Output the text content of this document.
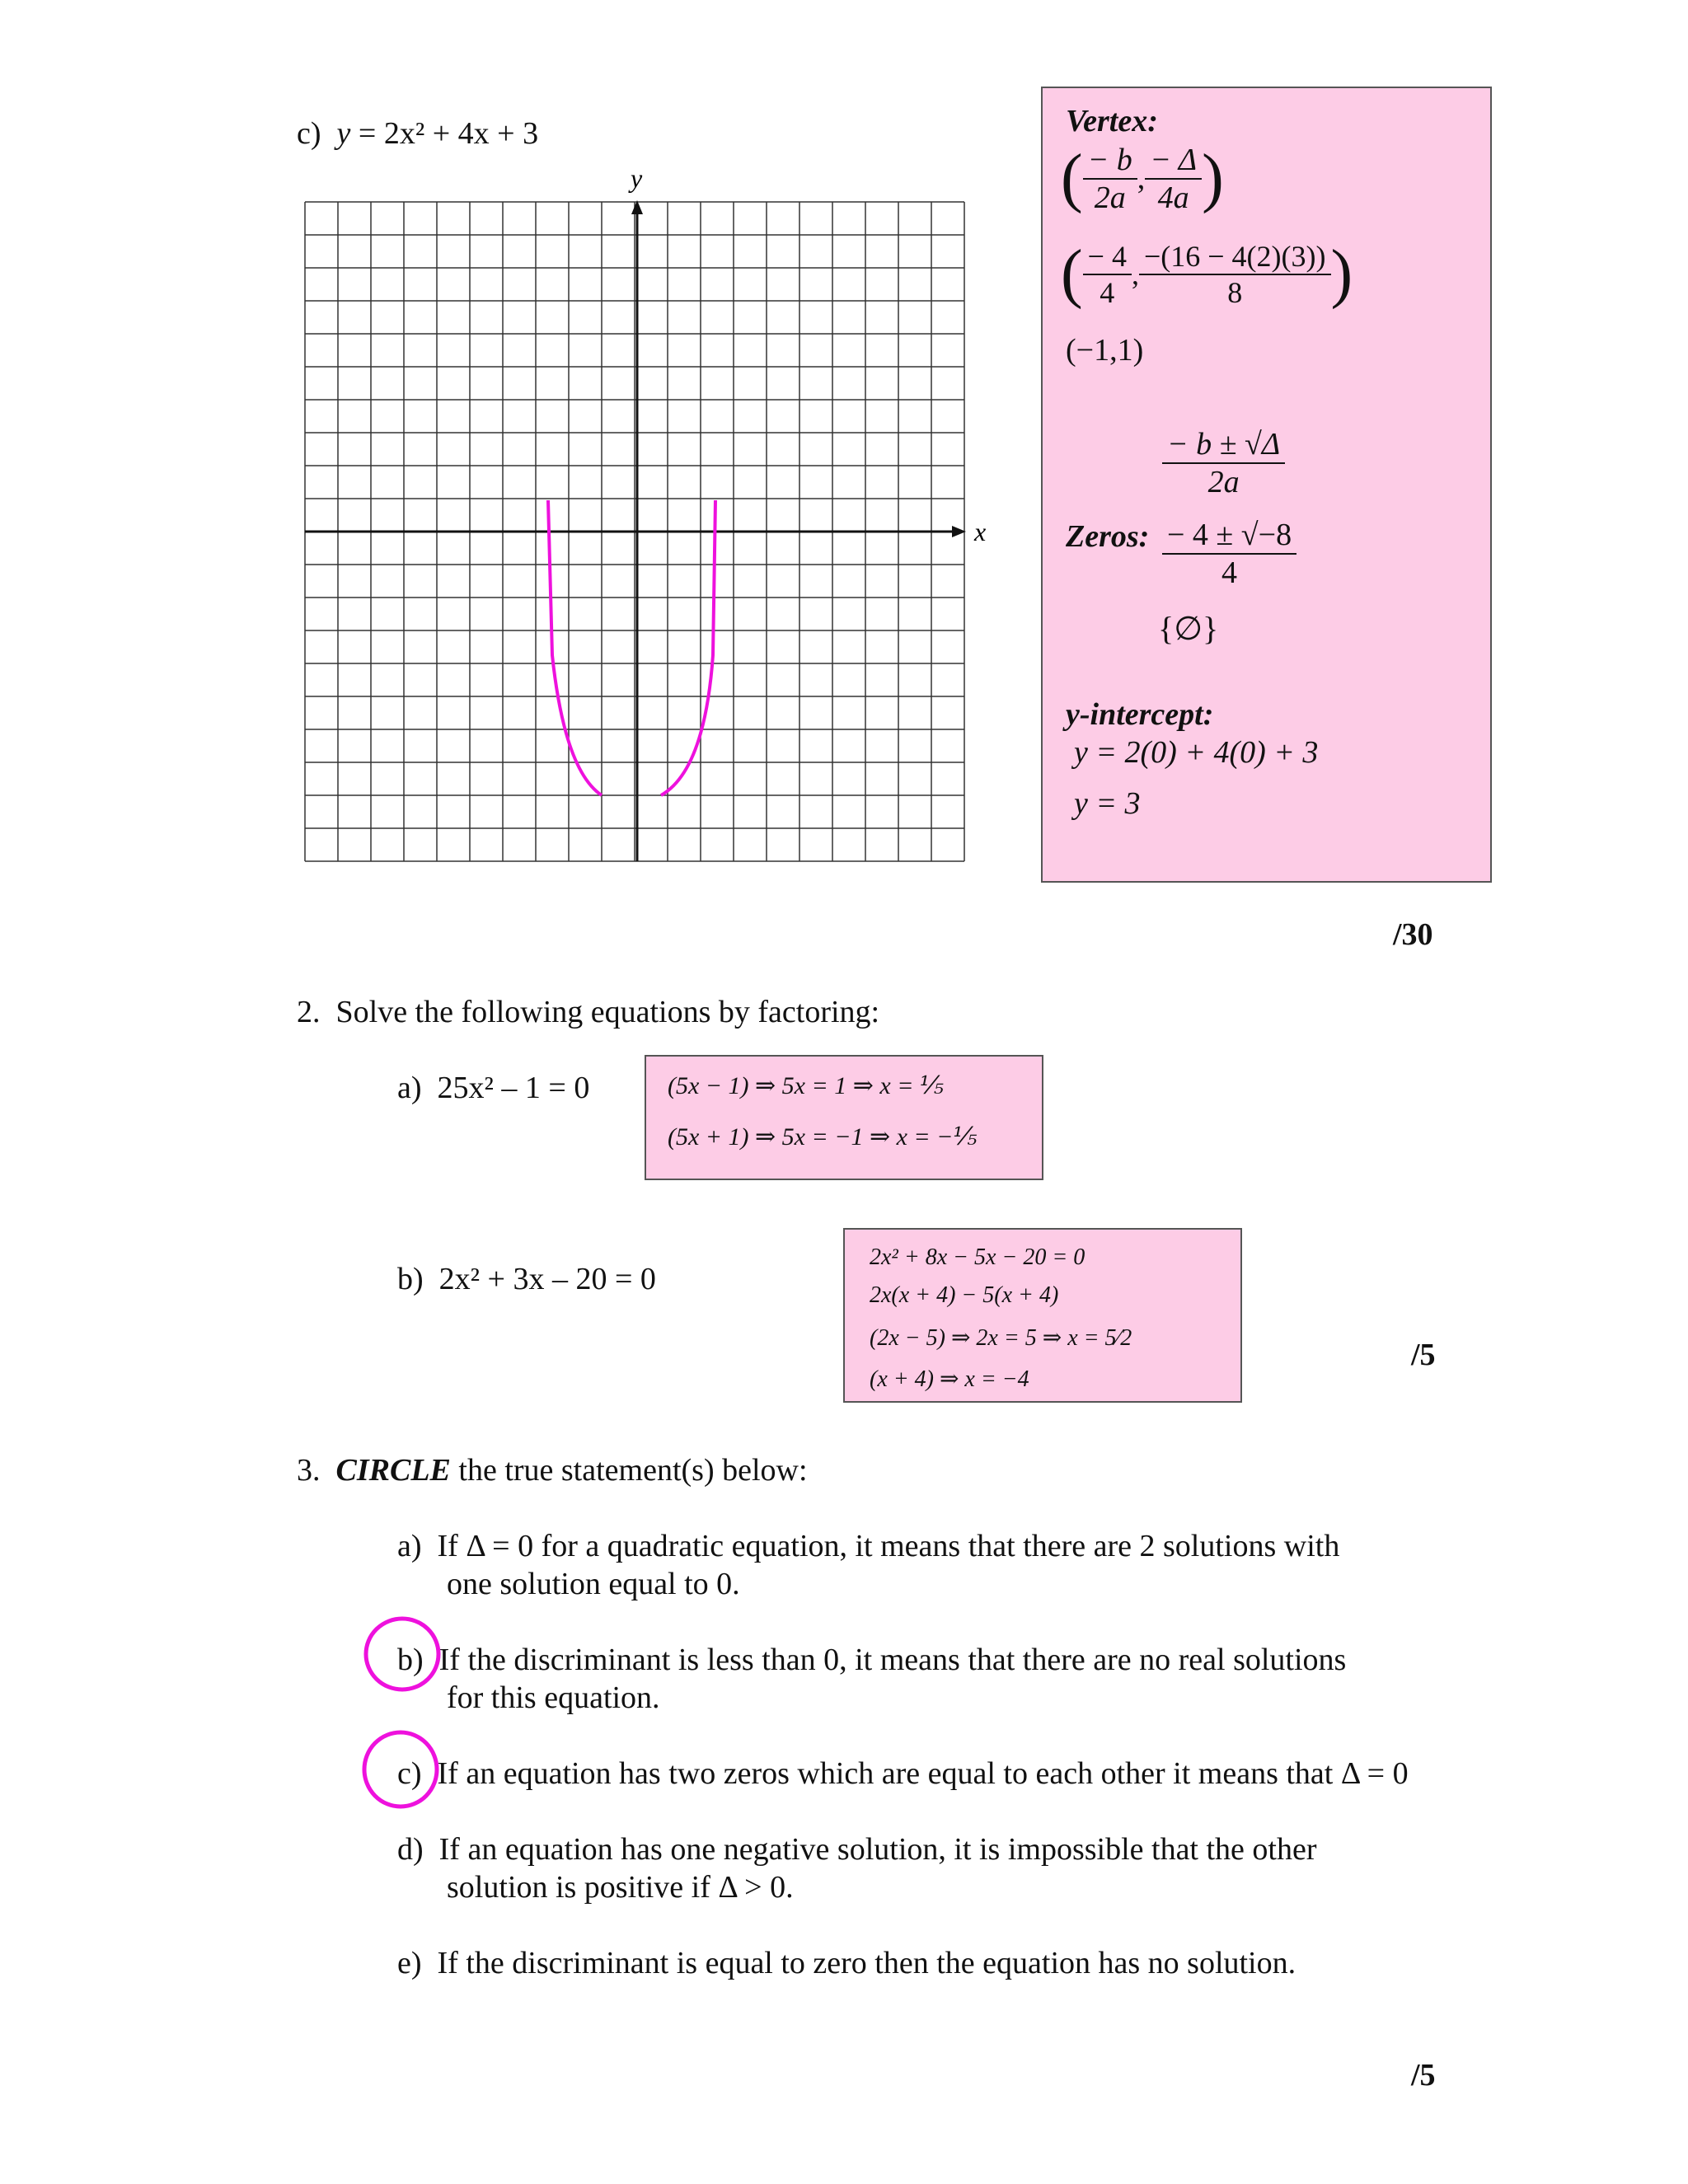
c) y = 2x² + 4x + 3
x
y
Vertex:
( $\frac{- b}{2a}$ , $\frac{- \Delta}{4a}$ )
( $\frac{- 4}{4}$ , $\frac{-(16 - 4(2)(3))}{8}$ )
(−1,1)
$\frac{- b \pm √\Delta}{2a}$
Zeros: $\frac{- 4 \pm √-8}{4}$
{∅}
y-intercept:
y = 2(0) + 4(0) + 3
y = 3
/30
2. Solve the following equations by factoring:
a) 25x² – 1 = 0	(5x − 1) ⇒ 5x = 1 ⇒ x = ⅕
(5x + 1) ⇒ 5x = −1 ⇒ x = −⅕
b) 2x² + 3x – 20 = 0
2x² + 8x − 5x − 20 = 0
2x(x + 4) − 5(x + 4)
(2x − 5) ⇒ 2x = 5 ⇒ x = 5⁄2
(x + 4) ⇒ x = −4
/5
3. CIRCLE the true statement(s) below:
a) If Δ = 0 for a quadratic equation, it means that there are 2 solutions with
one solution equal to 0.
b) If the discriminant is less than 0, it means that there are no real solutions
for this equation.
c) If an equation has two zeros which are equal to each other it means that Δ = 0
d) If an equation has one negative solution, it is impossible that the other
solution is positive if Δ > 0.
e) If the discriminant is equal to zero then the equation has no solution.
/5
